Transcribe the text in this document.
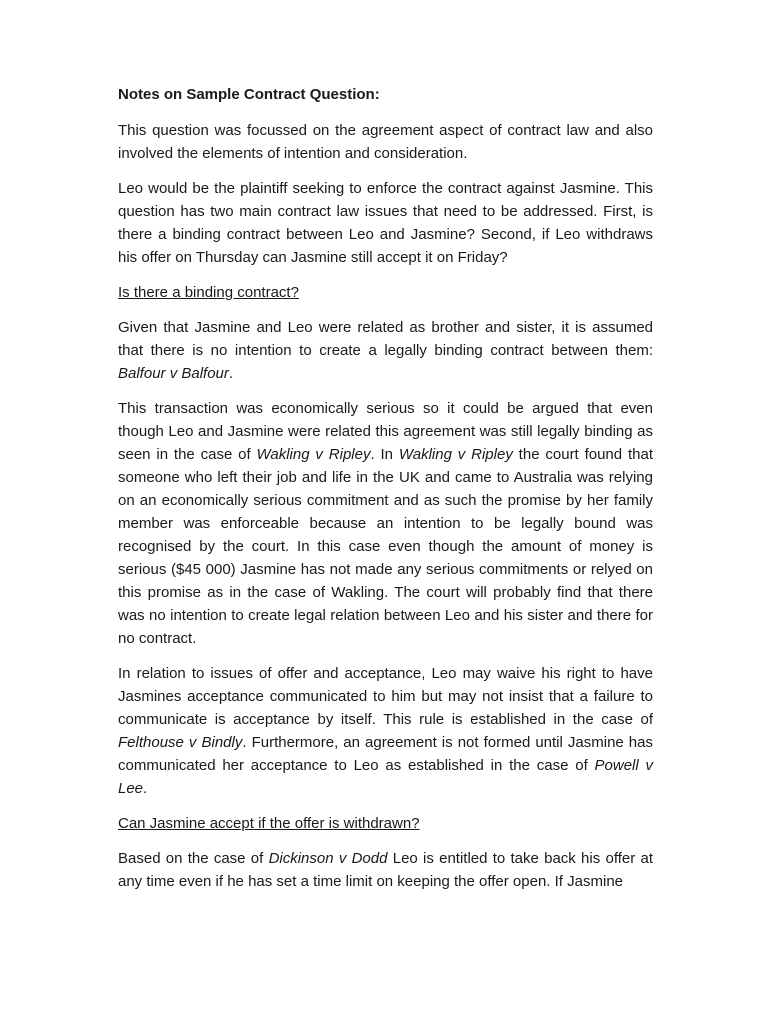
Notes on Sample Contract Question:

This question was focussed on the agreement aspect of contract law and also involved the elements of intention and consideration.

Leo would be the plaintiff seeking to enforce the contract against Jasmine. This question has two main contract law issues that need to be addressed. First, is there a binding contract between Leo and Jasmine? Second, if Leo withdraws his offer on Thursday can Jasmine still accept it on Friday?

Is there a binding contract?

Given that Jasmine and Leo were related as brother and sister, it is assumed that there is no intention to create a legally binding contract between them: Balfour v Balfour.

This transaction was economically serious so it could be argued that even though Leo and Jasmine were related this agreement was still legally binding as seen in the case of Wakling v Ripley. In Wakling v Ripley the court found that someone who left their job and life in the UK and came to Australia was relying on an economically serious commitment and as such the promise by her family member was enforceable because an intention to be legally bound was recognised by the court. In this case even though the amount of money is serious ($45 000) Jasmine has not made any serious commitments or relyed on this promise as in the case of Wakling. The court will probably find that there was no intention to create legal relation between Leo and his sister and there for no contract.

In relation to issues of offer and acceptance, Leo may waive his right to have Jasmines acceptance communicated to him but may not insist that a failure to communicate is acceptance by itself. This rule is established in the case of Felthouse v Bindly. Furthermore, an agreement is not formed until Jasmine has communicated her acceptance to Leo as established in the case of Powell v Lee.

Can Jasmine accept if the offer is withdrawn?

Based on the case of Dickinson v Dodd Leo is entitled to take back his offer at any time even if he has set a time limit on keeping the offer open. If Jasmine
